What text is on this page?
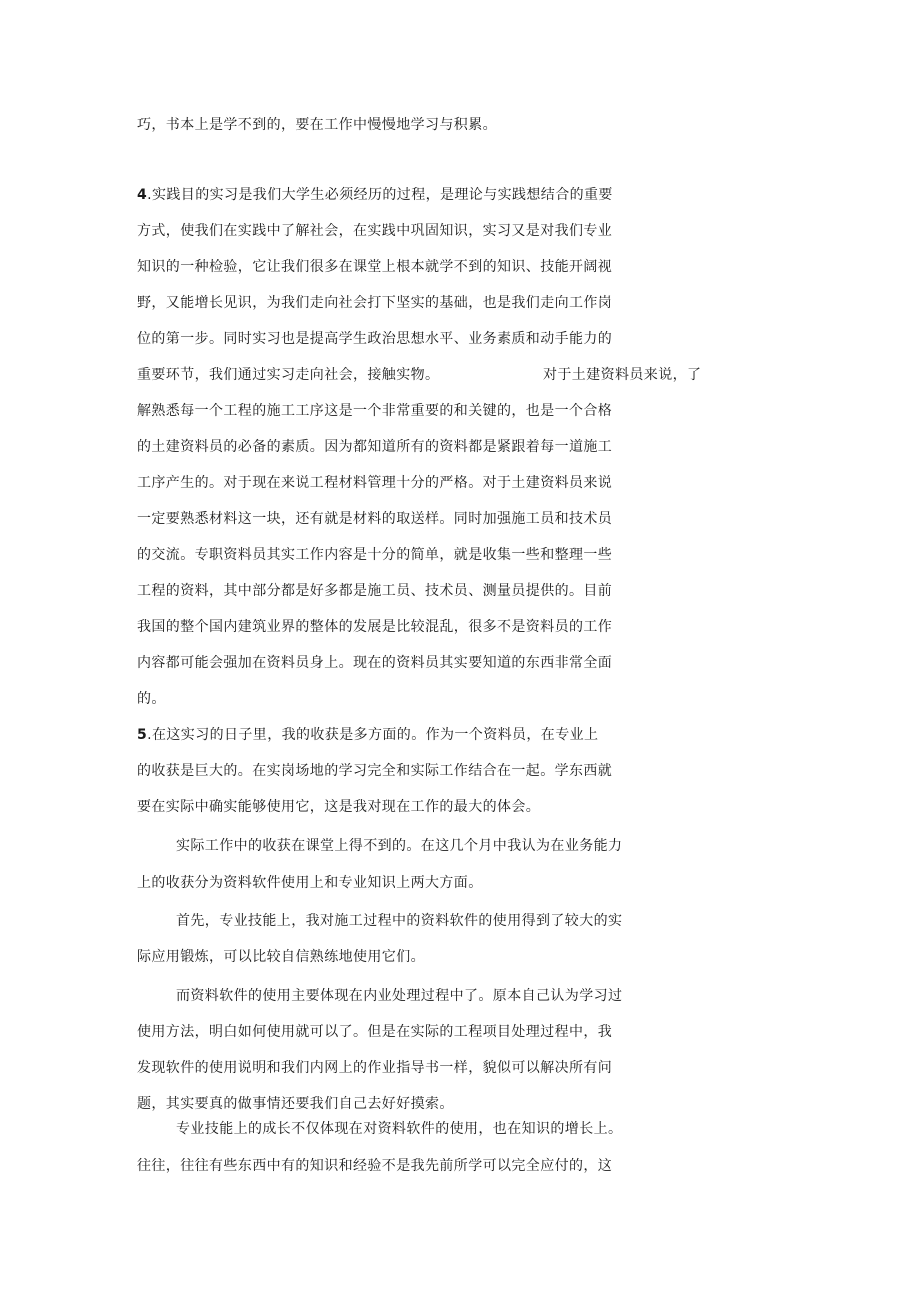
巧，书本上是学不到的，要在工作中慢慢地学习与积累。
4.实践目的实习是我们大学生必须经历的过程，是理论与实践想结合的重要
方式，使我们在实践中了解社会，在实践中巩固知识，实习又是对我们专业
知识的一种检验，它让我们很多在课堂上根本就学不到的知识、技能开阔视
野，又能增长见识，为我们走向社会打下坚实的基础，也是我们走向工作岗
位的第一步。同时实习也是提高学生政治思想水平、业务素质和动手能力的
重要环节，我们通过实习走向社会，接触实物。	对于土建资料员来说，了
解熟悉每一个工程的施工工序这是一个非常重要的和关键的，也是一个合格
的土建资料员的必备的素质。因为都知道所有的资料都是紧跟着每一道施工
工序产生的。对于现在来说工程材料管理十分的严格。对于土建资料员来说
一定要熟悉材料这一块，还有就是材料的取送样。同时加强施工员和技术员
的交流。专职资料员其实工作内容是十分的简单，就是收集一些和整理一些
工程的资料，其中部分都是好多都是施工员、技术员、测量员提供的。目前
我国的整个国内建筑业界的整体的发展是比较混乱，很多不是资料员的工作
内容都可能会强加在资料员身上。现在的资料员其实要知道的东西非常全面
的。
5.在这实习的日子里，我的收获是多方面的。作为一个资料员，在专业上
的收获是巨大的。在实岗场地的学习完全和实际工作结合在一起。学东西就
要在实际中确实能够使用它，这是我对现在工作的最大的体会。
实际工作中的收获在课堂上得不到的。在这几个月中我认为在业务能力
上的收获分为资料软件使用上和专业知识上两大方面。
首先，专业技能上，我对施工过程中的资料软件的使用得到了较大的实
际应用锻炼，可以比较自信熟练地使用它们。
而资料软件的使用主要体现在内业处理过程中了。原本自己认为学习过
使用方法，明白如何使用就可以了。但是在实际的工程项目处理过程中，我
发现软件的使用说明和我们内网上的作业指导书一样，貌似可以解决所有问
题，其实要真的做事情还要我们自己去好好摸索。
专业技能上的成长不仅体现在对资料软件的使用，也在知识的增长上。
往往，往往有些东西中有的知识和经验不是我先前所学可以完全应付的，这
